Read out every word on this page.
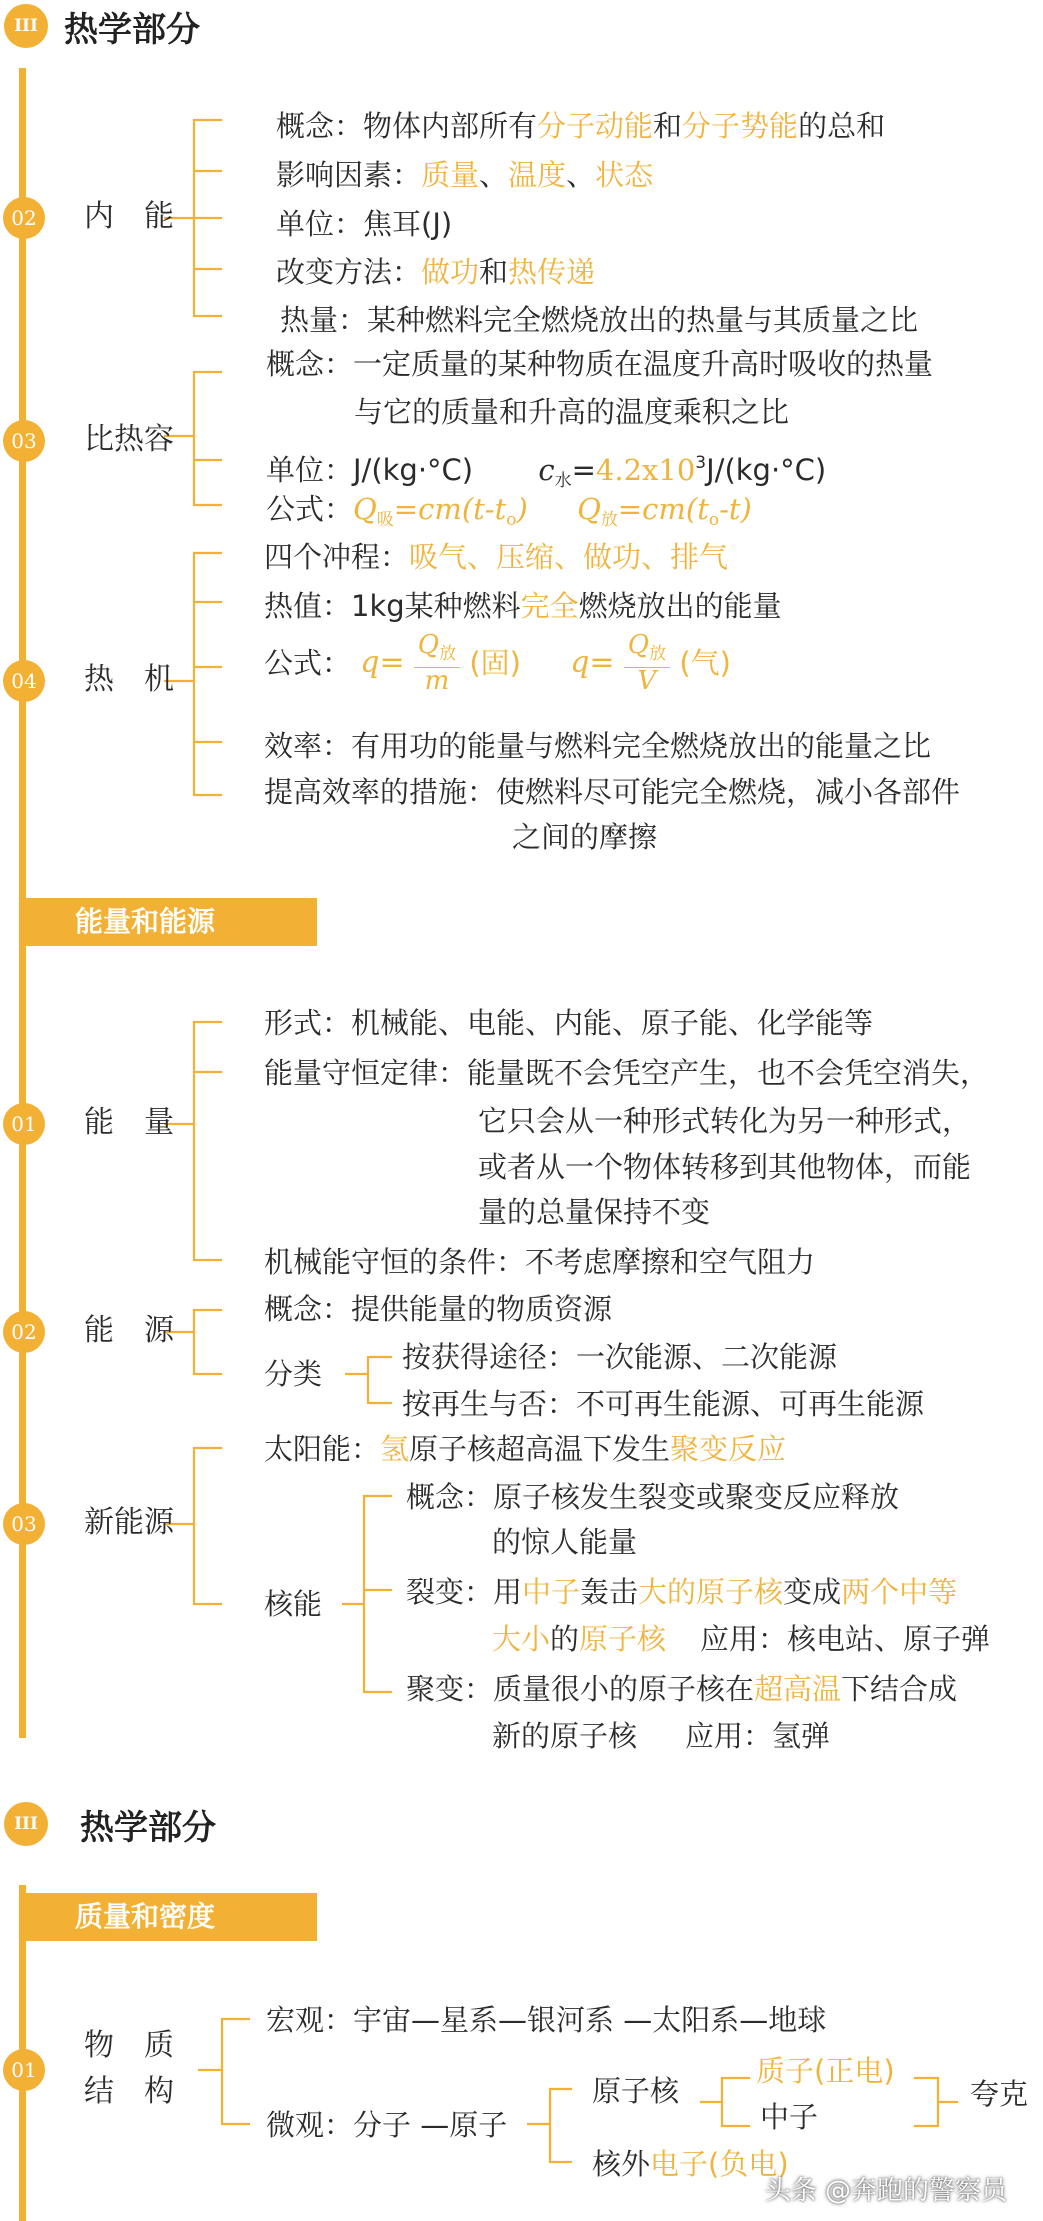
III 热学部分
02 内　能
概念：物体内部所有分子动能和分子势能的总和
影响因素：质量、温度、状态
单位：焦耳(J)
改变方法：做功和热传递
热量：某种燃料完全燃烧放出的热量与其质量之比
03 比热容
概念：一定质量的某种物质在温度升高时吸收的热量
与它的质量和升高的温度乘积之比
单位：J/(kg·°C) $c_水=4.2x10^3J/(kg\cdot^\circ C)$
公式：$Q_吸=cm(t-t_o)$ $Q_放=cm(t_o-t)$
04 热　机
四个冲程：吸气、压缩、做功、排气
热值：1kg某种燃料完全燃烧放出的能量
公式： $q= \frac{Q_放}{m}$ (固) $q= \frac{Q_放}{V}$ (气)
效率：有用功的能量与燃料完全燃烧放出的能量之比
提高效率的措施：使燃料尽可能完全燃烧，减小各部件
之间的摩擦
能量和能源
01 能　量
形式：机械能、电能、内能、原子能、化学能等
能量守恒定律：能量既不会凭空产生，也不会凭空消失，
它只会从一种形式转化为另一种形式，
或者从一个物体转移到其他物体，而能
量的总量保持不变
机械能守恒的条件：不考虑摩擦和空气阻力
02 能　源
概念：提供能量的物质资源
分类	按获得途径：一次能源、二次能源
按再生与否：不可再生能源、可再生能源
03 新能源
太阳能：氢原子核超高温下发生聚变反应
核能
概念：原子核发生裂变或聚变反应释放
的惊人能量
裂变：用中子轰击大的原子核变成两个中等
大小的原子核 应用：核电站、原子弹
聚变：质量很小的原子核在超高温下结合成
新的原子核 应用：氢弹
III 热学部分
质量和密度
01
物　质
结　构
宏观：宇宙—星系—银河系 —太阳系—地球
微观：分子 —原子
原子核
质子(正电)
中子
夸克
核外电子(负电)
头条 @奔跑的警察员
